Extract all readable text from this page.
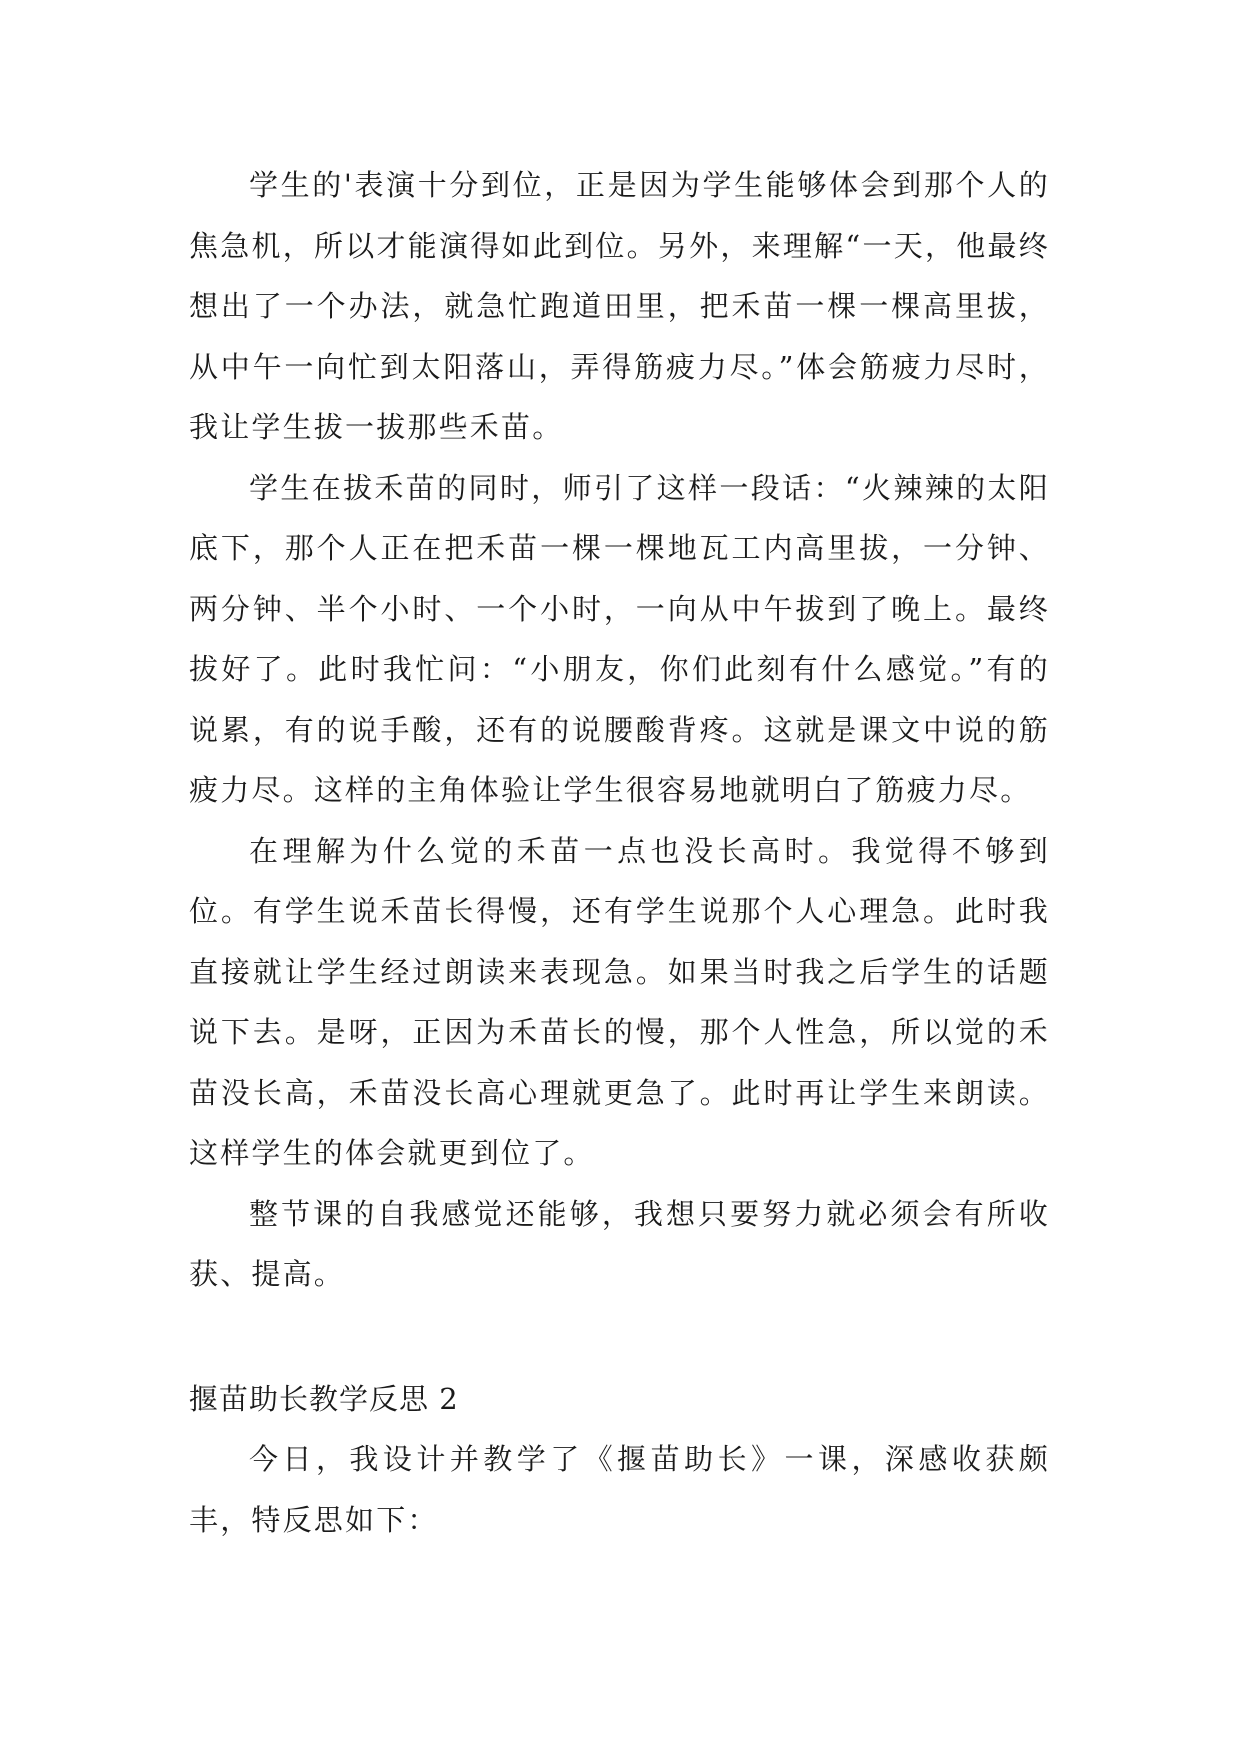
学生的'表演十分到位，正是因为学生能够体会到那个人的焦急机，所以才能演得如此到位。另外，来理解“一天，他最终想出了一个办法，就急忙跑道田里，把禾苗一棵一棵高里拔，从中午一向忙到太阳落山，弄得筋疲力尽。”体会筋疲力尽时，我让学生拔一拔那些禾苗。

学生在拔禾苗的同时，师引了这样一段话：“火辣辣的太阳底下，那个人正在把禾苗一棵一棵地瓦工内高里拔，一分钟、两分钟、半个小时、一个小时，一向从中午拔到了晚上。最终拔好了。此时我忙问：“小朋友，你们此刻有什么感觉。”有的说累，有的说手酸，还有的说腰酸背疼。这就是课文中说的筋疲力尽。这样的主角体验让学生很容易地就明白了筋疲力尽。

在理解为什么觉的禾苗一点也没长高时。我觉得不够到位。有学生说禾苗长得慢，还有学生说那个人心理急。此时我直接就让学生经过朗读来表现急。如果当时我之后学生的话题说下去。是呀，正因为禾苗长的慢，那个人性急，所以觉的禾苗没长高，禾苗没长高心理就更急了。此时再让学生来朗读。这样学生的体会就更到位了。

整节课的自我感觉还能够，我想只要努力就必须会有所收获、提高。

揠苗助长教学反思 2

今日，我设计并教学了《揠苗助长》一课，深感收获颇丰，特反思如下：
